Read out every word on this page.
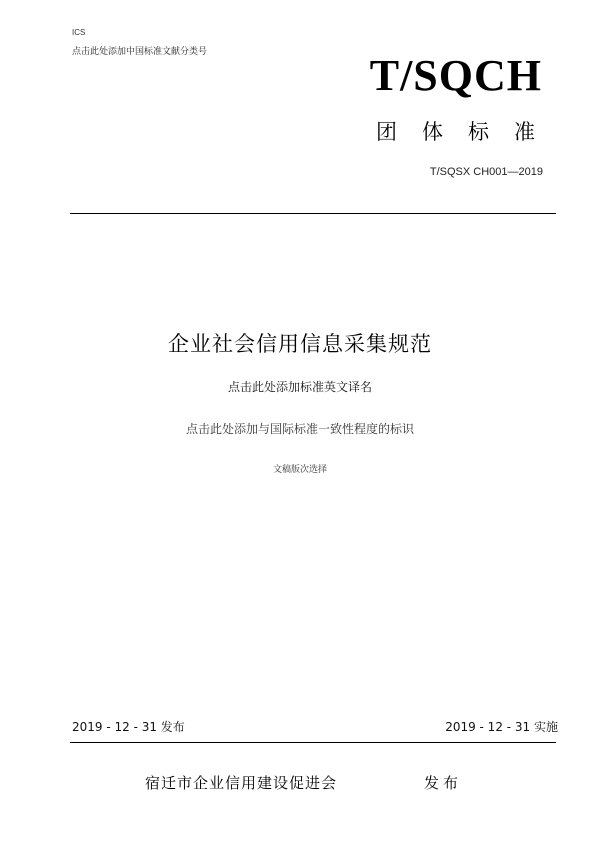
ICS
点击此处添加中国标准文献分类号	T/SQCH
团体标准
T/SQSX CH001—2019
企业社会信用信息采集规范
点击此处添加标准英文译名
点击此处添加与国际标准一致性程度的标识
文稿版次选择
2019 - 12 - 31 发布	2019 - 12 - 31 实施
宿迁市企业信用建设促进会	发布
